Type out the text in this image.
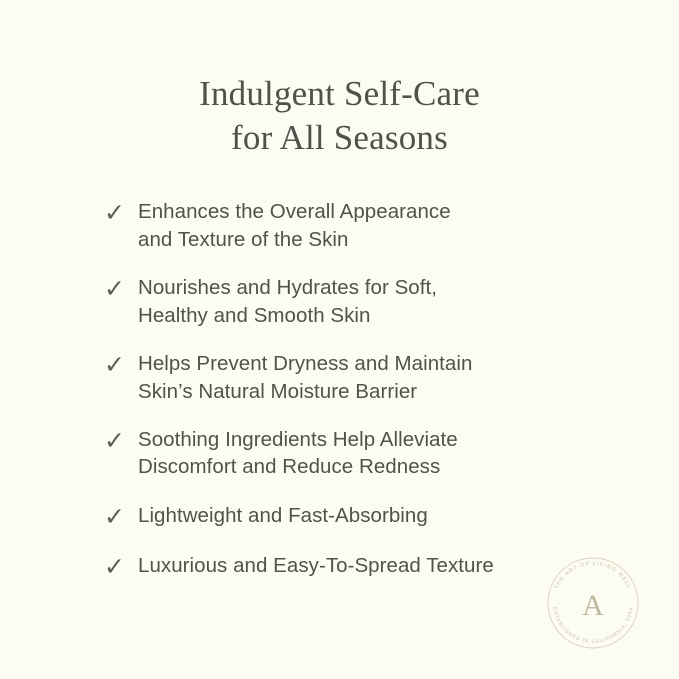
Indulgent Self-Care
for All Seasons
✓ Enhances the Overall Appearance
and Texture of the Skin
✓ Nourishes and Hydrates for Soft,
Healthy and Smooth Skin
✓ Helps Prevent Dryness and Maintain
Skin’s Natural Moisture Barrier
✓ Soothing Ingredients Help Alleviate
Discomfort and Reduce Redness
✓ Lightweight and Fast-Absorbing
✓ Luxurious and Easy-To-Spread Texture
A
· THE ART OF LIVING WELL ·
ESTABLISHED IN CALIFORNIA, 1994
